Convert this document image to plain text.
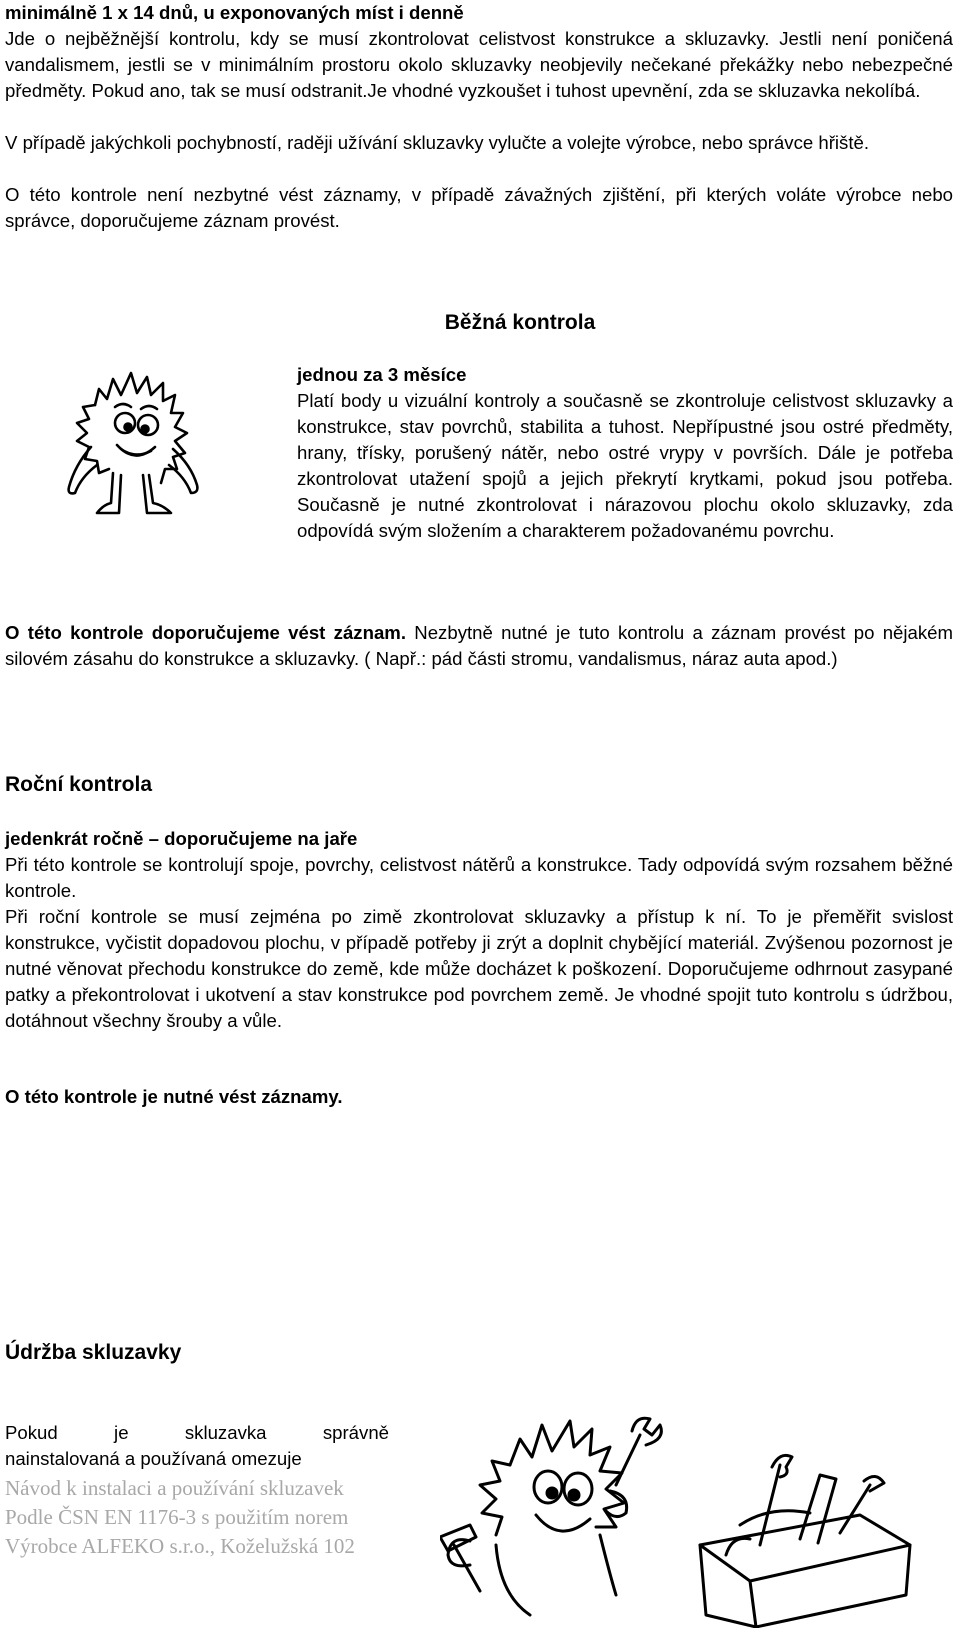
minimálně 1 x 14 dnů, u exponovaných míst i denně
Jde o nejběžnější kontrolu, kdy se musí zkontrolovat celistvost konstrukce a skluzavky. Jestli není poničená vandalismem, jestli se v minimálním prostoru okolo skluzavky neobjevily nečekané překážky nebo nebezpečné předměty. Pokud ano, tak se musí odstranit.Je vhodné vyzkoušet i tuhost upevnění, zda se skluzavka nekolíbá.
V případě jakýchkoli pochybností, raději užívání skluzavky vylučte a volejte výrobce, nebo správce hřiště.
O této kontrole není nezbytné vést záznamy, v případě závažných zjištění, při kterých voláte výrobce nebo správce, doporučujeme záznam provést.
Běžná kontrola
jednou za 3 měsíce
Platí body u vizuální kontroly a současně se zkontroluje celistvost skluzavky a konstrukce, stav povrchů, stabilita a tuhost. Nepřípustné jsou ostré předměty, hrany, třísky, porušený nátěr, nebo ostré vrypy v površích. Dále je potřeba zkontrolovat utažení spojů a jejich překrytí krytkami, pokud jsou potřeba. Současně je nutné zkontrolovat i nárazovou plochu okolo skluzavky, zda odpovídá svým složením a charakterem požadovanému povrchu.
O této kontrole doporučujeme vést záznam. Nezbytně nutné je tuto kontrolu a záznam provést po nějakém silovém zásahu do konstrukce a skluzavky. ( Např.: pád části stromu, vandalismus, náraz auta apod.)
Roční kontrola
jedenkrát ročně – doporučujeme na jaře
Při této kontrole se kontrolují spoje, povrchy, celistvost nátěrů a konstrukce. Tady odpovídá svým rozsahem běžné kontrole.
Při roční kontrole se musí zejména po zimě zkontrolovat skluzavky a přístup k ní. To je přeměřit svislost konstrukce, vyčistit dopadovou plochu, v případě potřeby ji zrýt a doplnit chybějící materiál. Zvýšenou pozornost je nutné věnovat přechodu konstrukce do země, kde může docházet k poškození. Doporučujeme odhrnout zasypané patky a překontrolovat i ukotvení a stav konstrukce pod povrchem země. Je vhodné spojit tuto kontrolu s údržbou, dotáhnout všechny šrouby a vůle.
O této kontrole je nutné vést záznamy.
Údržba skluzavky
Pokud je skluzavka správně
nainstalovaná a používaná omezuje
Návod k instalaci a používání skluzavek
Podle ČSN EN 1176-3 s použitím norem
Výrobce ALFEKO s.r.o., Koželužská 102
